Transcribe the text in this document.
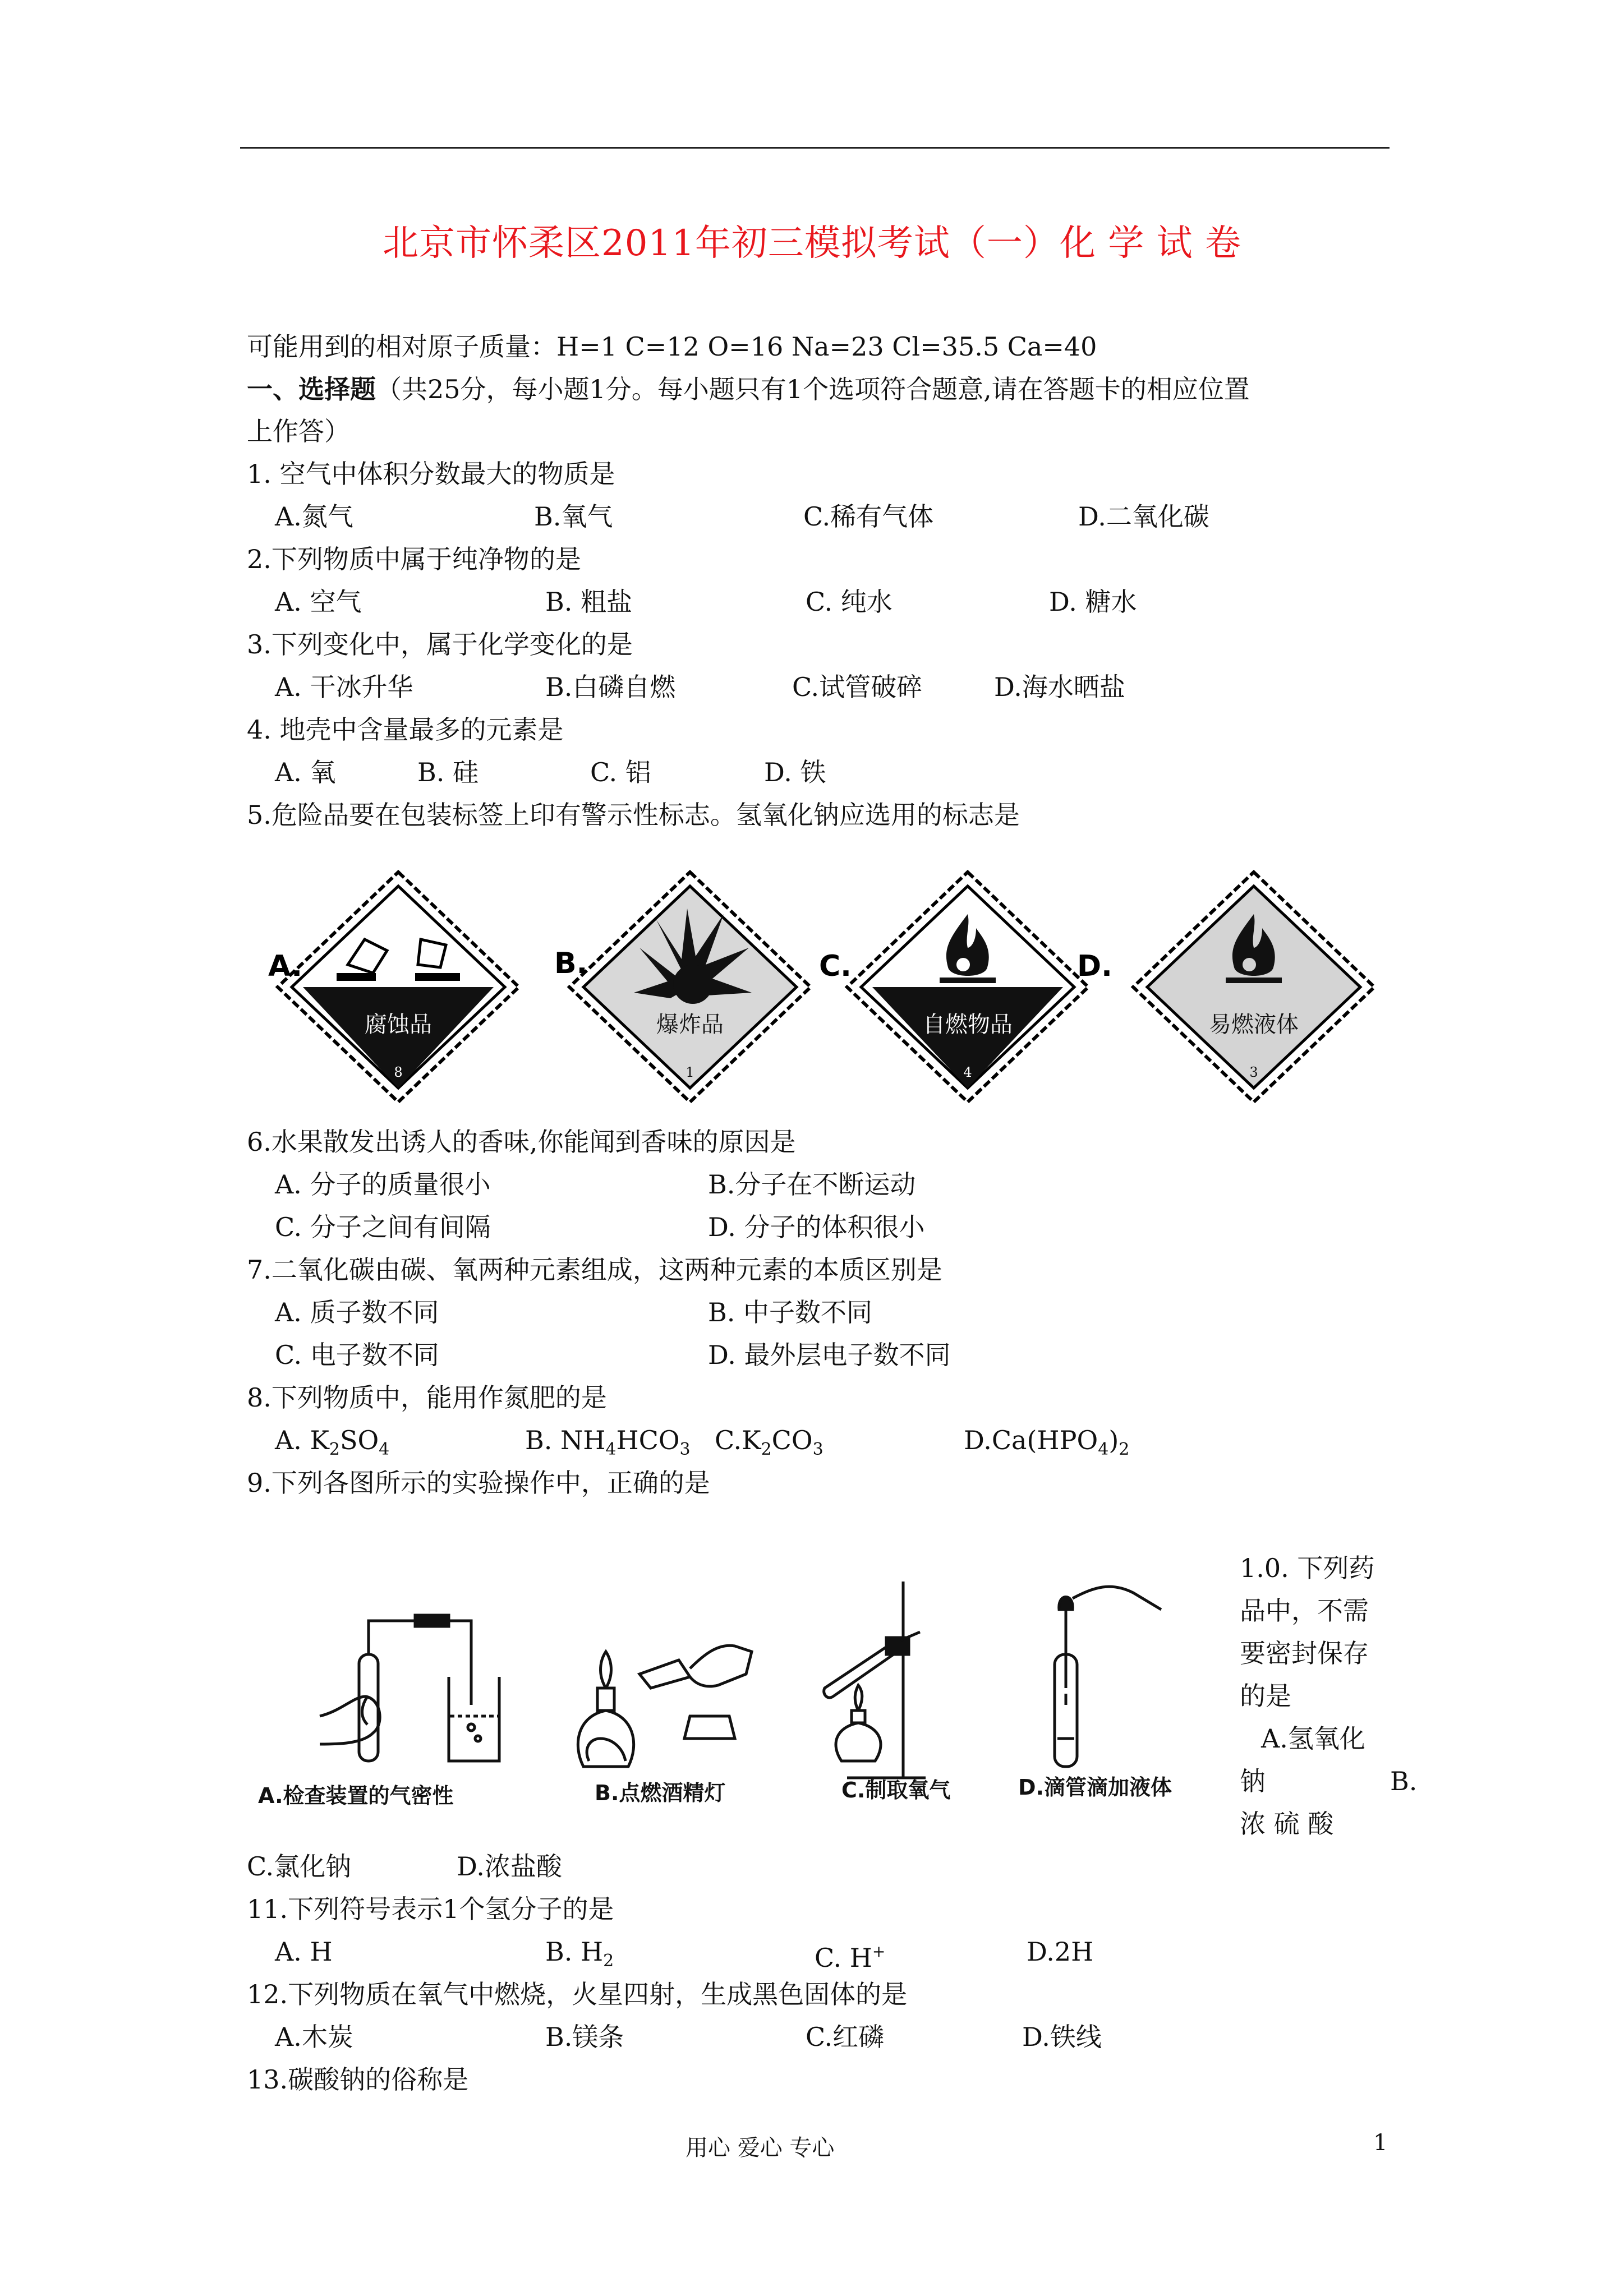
北京市怀柔区2011年初三模拟考试（一）化 学 试 卷
可能用到的相对原子质量：H=1 C=12 O=16 Na=23 Cl=35.5 Ca=40
一、选择题（共25分，每小题1分。每小题只有1个选项符合题意,请在答题卡的相应位置
上作答）
1. 空气中体积分数最大的物质是
A.氮气	B.氧气	C.稀有气体	D.二氧化碳
2.下列物质中属于纯净物的是
A. 空气	B. 粗盐	C. 纯水	D. 糖水
3.下列变化中，属于化学变化的是
A. 干冰升华	B.白磷自燃	C.试管破碎	D.海水晒盐
4. 地壳中含量最多的元素是
A. 氧	B. 硅	C. 铝	D. 铁
5.危险品要在包装标签上印有警示性标志。氢氧化钠应选用的标志是
A.
腐蚀品
8
B.
爆炸品
1
C.
自燃物品
4
D.
易燃液体
3
6.水果散发出诱人的香味,你能闻到香味的原因是
A. 分子的质量很小	B.分子在不断运动
C. 分子之间有间隔	D. 分子的体积很小
7.二氧化碳由碳、氧两种元素组成，这两种元素的本质区别是
A. 质子数不同	B. 中子数不同
C. 电子数不同	D. 最外层电子数不同
8.下列物质中，能用作氮肥的是
A. $K_2SO_4$	B. $NH_4HCO_3$ $C.K_2CO_3$	$D.Ca(HPO_4)_2$
9.下列各图所示的实验操作中，正确的是
A.检查装置的气密性	B.点燃酒精灯	C.制取氧气	D.滴管滴加液体
1.0. 下列药
品中，不需
要密封保存
的是
A.氢氧化
钠	B.
浓 硫 酸
C.氯化钠	D.浓盐酸
11.下列符号表示1个氢分子的是
A. H	B. $H_2$	C. H+	D.2H
12.下列物质在氧气中燃烧，火星四射，生成黑色固体的是
A.木炭	B.镁条	C.红磷	D.铁线
13.碳酸钠的俗称是
用心 爱心 专心	1
